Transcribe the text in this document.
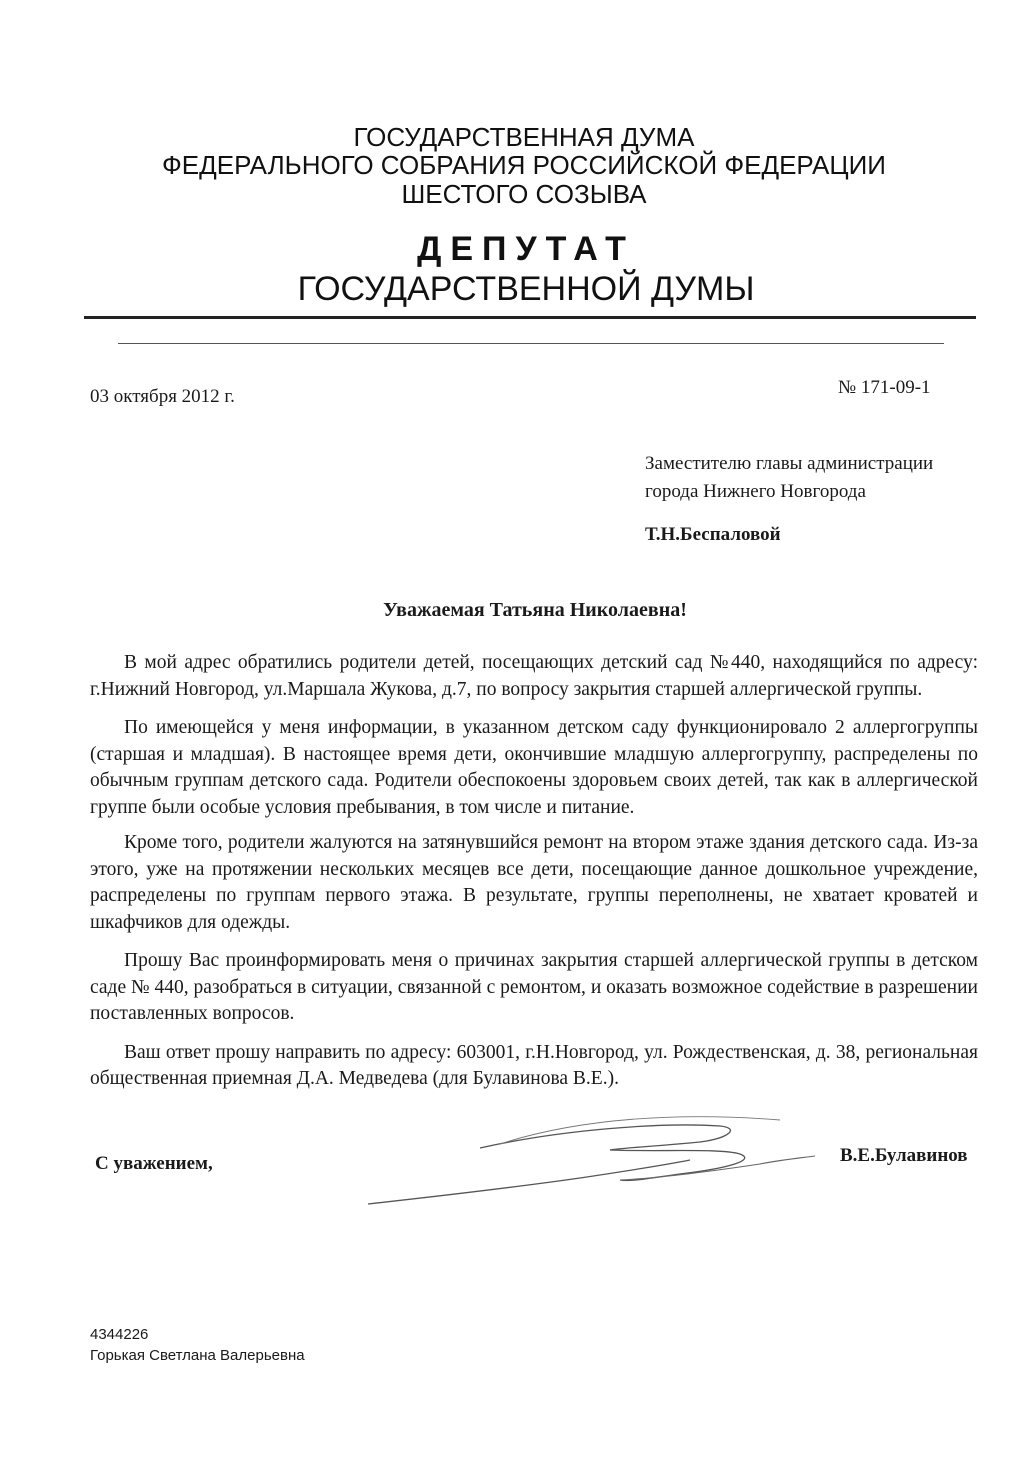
ГОСУДАРСТВЕННАЯ ДУМА
ФЕДЕРАЛЬНОГО СОБРАНИЯ РОССИЙСКОЙ ФЕДЕРАЦИИ
ШЕСТОГО СОЗЫВА
ДЕПУТАТ
ГОСУДАРСТВЕННОЙ ДУМЫ
03 октября 2012 г.	№ 171-09-1
Заместителю главы администрации
города Нижнего Новгорода
Т.Н.Беспаловой
Уважаемая Татьяна Николаевна!

В мой адрес обратились родители детей, посещающих детский сад №440, находящийся по адресу: г.Нижний Новгород, ул.Маршала Жукова, д.7, по вопросу закрытия старшей аллергической группы.

По имеющейся у меня информации, в указанном детском саду функционировало 2 аллергогруппы (старшая и младшая). В настоящее время дети, окончившие младшую аллергогруппу, распределены по обычным группам детского сада. Родители обеспокоены здоровьем своих детей, так как в аллергической группе были особые условия пребывания, в том числе и питание.

Кроме того, родители жалуются на затянувшийся ремонт на втором этаже здания детского сада. Из-за этого, уже на протяжении нескольких месяцев все дети, посещающие данное дошкольное учреждение, распределены по группам первого этажа. В результате, группы переполнены, не хватает кроватей и шкафчиков для одежды.

Прошу Вас проинформировать меня о причинах закрытия старшей аллергической группы в детском саде № 440, разобраться в ситуации, связанной с ремонтом, и оказать возможное содействие в разрешении поставленных вопросов.

Ваш ответ прошу направить по адресу: 603001, г.Н.Новгород, ул. Рождественская, д. 38, региональная общественная приемная Д.А. Медведева (для Булавинова В.Е.).

С уважением,	В.Е.Булавинов
4344226
Горькая Светлана Валерьевна
